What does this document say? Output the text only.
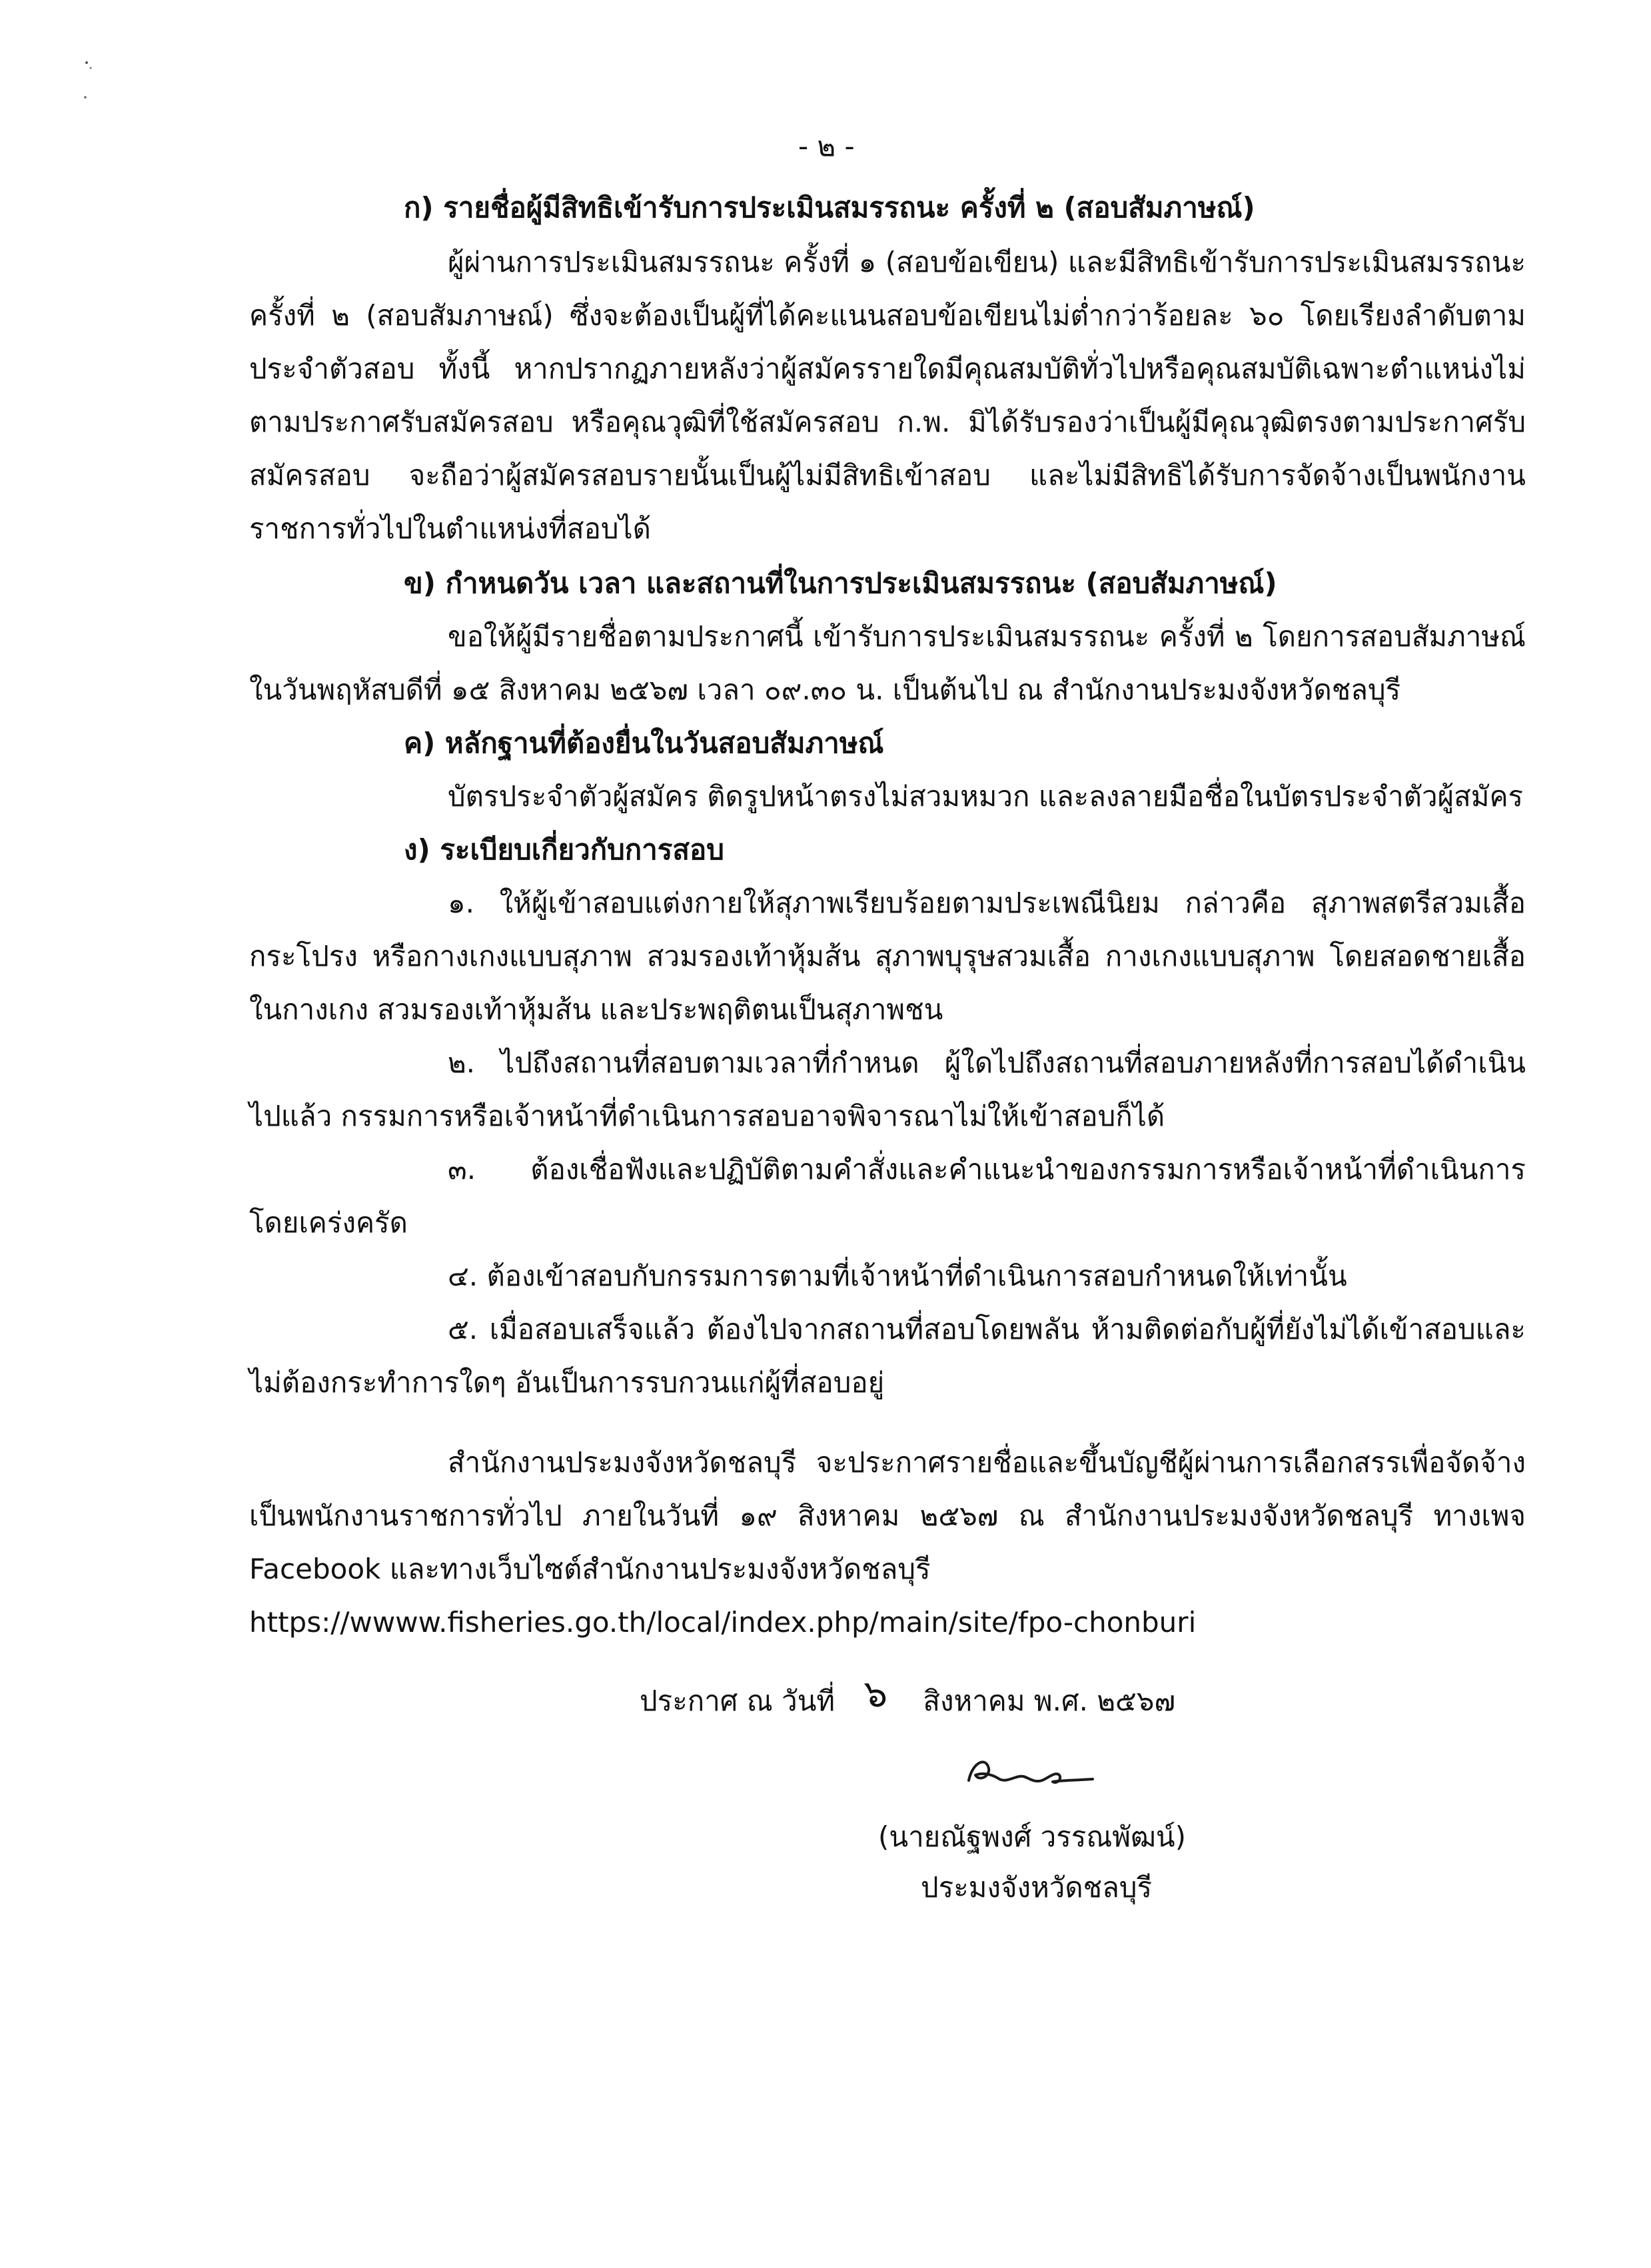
- ๒ -
ก) รายชื่อผู้มีสิทธิเข้ารับการประเมินสมรรถนะ ครั้งที่ ๒ (สอบสัมภาษณ์)
ผู้ผ่านการประเมินสมรรถนะ ครั้งที่ ๑ (สอบข้อเขียน) และมีสิทธิเข้ารับการประเมินสมรรถนะ
ครั้งที่ ๒ (สอบสัมภาษณ์) ซึ่งจะต้องเป็นผู้ที่ได้คะแนนสอบข้อเขียนไม่ต่ำกว่าร้อยละ ๖๐ โดยเรียงลำดับตาม
ประจำตัวสอบ ทั้งนี้ หากปรากฏภายหลังว่าผู้สมัครรายใดมีคุณสมบัติทั่วไปหรือคุณสมบัติเฉพาะตำแหน่งไม่
ตามประกาศรับสมัครสอบ หรือคุณวุฒิที่ใช้สมัครสอบ ก.พ. มิได้รับรองว่าเป็นผู้มีคุณวุฒิตรงตามประกาศรับ
สมัครสอบ จะถือว่าผู้สมัครสอบรายนั้นเป็นผู้ไม่มีสิทธิเข้าสอบ และไม่มีสิทธิได้รับการจัดจ้างเป็นพนักงาน
ราชการทั่วไปในตำแหน่งที่สอบได้
ข) กำหนดวัน เวลา และสถานที่ในการประเมินสมรรถนะ (สอบสัมภาษณ์)
ขอให้ผู้มีรายชื่อตามประกาศนี้ เข้ารับการประเมินสมรรถนะ ครั้งที่ ๒ โดยการสอบสัมภาษณ์
ในวันพฤหัสบดีที่ ๑๕ สิงหาคม ๒๕๖๗ เวลา ๐๙.๓๐ น. เป็นต้นไป ณ สำนักงานประมงจังหวัดชลบุรี
ค) หลักฐานที่ต้องยื่นในวันสอบสัมภาษณ์
บัตรประจำตัวผู้สมัคร ติดรูปหน้าตรงไม่สวมหมวก และลงลายมือชื่อในบัตรประจำตัวผู้สมัคร
ง) ระเบียบเกี่ยวกับการสอบ
๑. ให้ผู้เข้าสอบแต่งกายให้สุภาพเรียบร้อยตามประเพณีนิยม กล่าวคือ สุภาพสตรีสวมเสื้อ
กระโปรง หรือกางเกงแบบสุภาพ สวมรองเท้าหุ้มส้น สุภาพบุรุษสวมเสื้อ กางเกงแบบสุภาพ โดยสอดชายเสื้อ
ในกางเกง สวมรองเท้าหุ้มส้น และประพฤติตนเป็นสุภาพชน
๒. ไปถึงสถานที่สอบตามเวลาที่กำหนด ผู้ใดไปถึงสถานที่สอบภายหลังที่การสอบได้ดำเนิน
ไปแล้ว กรรมการหรือเจ้าหน้าที่ดำเนินการสอบอาจพิจารณาไม่ให้เข้าสอบก็ได้
๓. ต้องเชื่อฟังและปฏิบัติตามคำสั่งและคำแนะนำของกรรมการหรือเจ้าหน้าที่ดำเนินการ
โดยเคร่งครัด
๔. ต้องเข้าสอบกับกรรมการตามที่เจ้าหน้าที่ดำเนินการสอบกำหนดให้เท่านั้น
๕. เมื่อสอบเสร็จแล้ว ต้องไปจากสถานที่สอบโดยพลัน ห้ามติดต่อกับผู้ที่ยังไม่ได้เข้าสอบและ
ไม่ต้องกระทำการใดๆ อันเป็นการรบกวนแก่ผู้ที่สอบอยู่
สำนักงานประมงจังหวัดชลบุรี จะประกาศรายชื่อและขึ้นบัญชีผู้ผ่านการเลือกสรรเพื่อจัดจ้าง
เป็นพนักงานราชการทั่วไป ภายในวันที่ ๑๙ สิงหาคม ๒๕๖๗ ณ สำนักงานประมงจังหวัดชลบุรี ทางเพจ
Facebook และทางเว็บไซต์สำนักงานประมงจังหวัดชลบุรี
https://wwww.fisheries.go.th/local/index.php/main/site/fpo-chonburi
ประกาศ ณ วันที่ ๖ สิงหาคม พ.ศ. ๒๕๖๗
(นายณัฐพงศ์ วรรณพัฒน์)
ประมงจังหวัดชลบุรี
